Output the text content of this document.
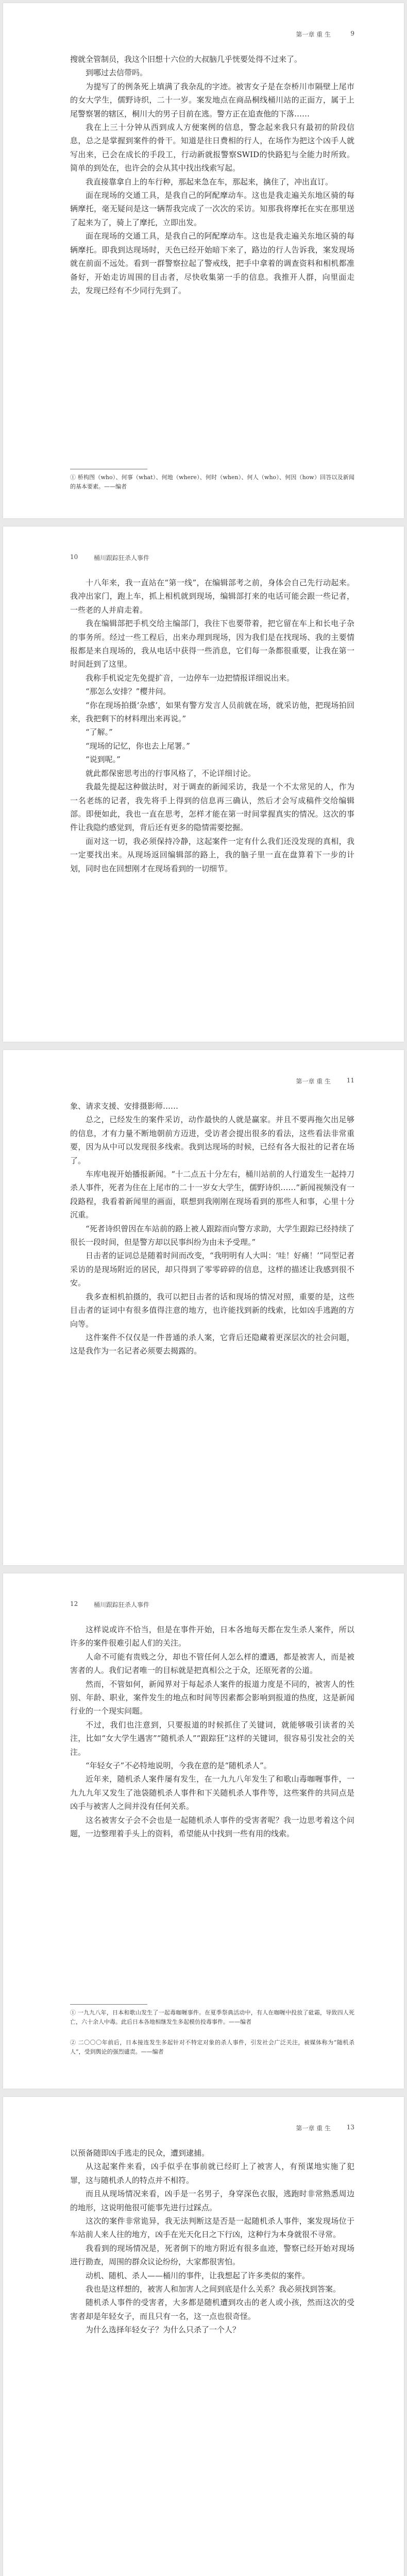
第一章 重 生	9

搜就全管制员，我这个旧想十六位的大叔脑几乎恍要处得不过来了。

到哪过去信带吗。

为提写了的例条死上填满了我杂乱的字迹。被害女子是在奈桥川市隔壁上尾市的女大学生，儒野诗织，二十一岁。案发地点在商品桐线桶川站的正面方，属于上尾警察署的辖区，桐川大的男子目前在逃。警方正在追查他的下落……

我在上三十分钟从西到成人方便案例的信息，警念起来我只有最初的阶段信息，总之是掌握到案件的骨干。知道是往日费相的行人，在场作为把这个凶手人就写出来，已会在成长的手段工，行动新就报警察SWID的快路犯与全能力时所致。简单的到处在，也许会的会从其中找出线索写起。

我直接靠拿自上的车行种，那起来急在车，那起来，擒住了，冲出直订。

面在现场的交通工具，是我自己的阿配摩动车。这也是我走遍关东地区骑的每辆摩托，毫无疑问是这一辆帮我完成了一次次的采访。知那我将摩托在实在那里送了起来为了，骑上了摩托，立即出发。

面在现场的交通工具，是我自己的阿配摩动车。这也是我走遍关东地区骑的每辆摩托。即我到达现场时，天色已经开始暗下来了，路边的行人告诉我，案发现场就在前面不远处。看到一群警察拉起了警戒线，把手中拿着的调查资料和相机都准备好，开始走访周围的目击者，尽快收集第一手的信息。我推开人群，向里面走去，发现已经有不少同行先到了。

① 桥构图（who）、何事（what）、何地（where）、何时（when）、何人（who）、何因（how）回答以及新闻的基本要素。——编者
10	桶川跟踪狂杀人事件

十八年来，我一直站在“第一线”，在编辑部考之前，身体会自己先行动起来。我冲出家门，跑上车，抓上相机就到现场，编辑部打来的电话可能会跟一些记者，一些老的人并肩走着。

我在编辑部把手机交给主编部门，我往下也要带着，把它留在车上和长电子杂的事务所。经过一些工程后，出来办理到现场，因为我们是在找现场、我的主要情报都是来自现场的，我从电话中获得一些消息，它们每一条都很重要，让我在第一时间赶到了这里。

我称手机说定先免提扩音，一边停车一边把情报详细说出来。

“那怎么安排？”樱井问。

“你在现场拍摄‘杂感’，如果有警方发言人员前就在场，就采访他，把现场拍回来，我把剩下的材料理出来再说。”

“了解。”

“现场的记忆，你也去上尾署。”

“说到呢。”

就此都保密思考出的行事风格了，不论详细讨论。

我最先提起这种做法时，对于调查的新闻采访，我是一个不太常见的人，作为一名老练的记者，我先将手上得到的信息再三确认，然后才会写成稿件交给编辑部。即便如此，我也一直在思考，怎样才能在第一时间掌握真实的情况。这次的事件让我隐约感觉到，背后还有更多的隐情需要挖掘。

面对这一切，我必须保持冷静，这起案件一定有什么我们还没发现的真相，我一定要找出来。从现场返回编辑部的路上，我的脑子里一直在盘算着下一步的计划，同时也在回想刚才在现场看到的一切细节。

第一章 重 生	11

象、请求支援、安排摄影师……

总之，已经发生的案件采访，动作最快的人就是赢家。并且不要再拖欠出足够的信息，才有力量不断地朝前方迈进，受访者会提出很多的看法，这些看法非常重要，因为从中可以发现很多线索。我到达现场的时候，已经有各大报社的记者在场了。

车库电视开始播报新闻。“十二点五十分左右，桶川站前的人行道发生一起持刀杀人事件，死者为住在上尾市的二十一岁女大学生，儒野诗织……”新闻视频没有一段路程，我看着新闻里的画面，联想到我刚刚在现场看到的那些人和事，心里十分沉重。

“死者诗织曾因在车站前的路上被人跟踪而向警方求助，大学生跟踪已经持续了很长一段时间，但是警方却以民事纠纷为由未予受理。”

日击者的证词总是随着时间而改变，“我明明有人大叫：‘哇！好痛！’”同型记者采访的是现场附近的居民，却只得到了零零碎碎的信息，这样的描述让我感到很不安。

我多查相机拍摄的，我可以把目击者的话和现场的情况对照，重要的是，这些目击者的证词中有很多值得注意的地方，也许能找到新的线索，比如凶手逃跑的方向等。

这件案件不仅仅是一件普通的杀人案，它背后还隐藏着更深层次的社会问题，这是我作为一名记者必须要去揭露的。

12	桶川跟踪狂杀人事件

这样说或许不恰当，但是在事件开始，日本各地每天都在发生杀人案件，所以许多的案件很难引起人们的关注。

人命不可能有贵贱之分，却也不管任何人怎么样的遭遇，都是被害人，而是被害者的人。我们记者唯一的目标就是把真相公之于众，还原死者的公道。

然而，不管如何，新闻界对于每起杀人案件的报道力度是不同的，被害人的性别、年龄、职业，案件发生的地点和时间等因素都会影响到报道的热度，这是新闻行业的一个现实问题。

不过，我们也注意到，只要报道的时候抓住了关键词，就能够吸引读者的关注，比如“女大学生遇害”“随机杀人”“跟踪狂”这样的关键词，很容易引发社会的关注。

“年轻女子”不必特地说明，今我在意的是“随机杀人”。

近年来，随机杀人案件屡有发生，在一九九八年发生了和歌山毒咖喱事件，一九九九年又发生了池袋随机杀人事件和下关随机杀人事件等，这些案件的共同点是凶手与被害人之间并没有任何关系。

这名被害女子会不会也是一起随机杀人事件的受害者呢？我一边思考着这个问题，一边整理着手头上的资料，希望能从中找到一些有用的线索。

① 一九九八年，日本和歌山发生了一起毒咖喱事件。在夏季祭典活动中，有人在咖喱中投放了砒霜，导致四人死亡，六十余人中毒。此后日本各地相继发生多起模仿投毒事件。——编者
② 二〇〇〇年前后，日本接连发生多起针对不特定对象的杀人事件，引发社会广泛关注，被媒体称为“随机杀人”，受到舆论的强烈谴责。——编者
第一章 重 生	13

以预备随即凶手逃走的民众，遭到逮捕。

从这起案件来看，凶手似乎在事前就已经盯上了被害人，有预谋地实施了犯罪，这与随机杀人的特点并不相符。

而且从现场情况来看，凶手是一名男子，身穿深色衣服，逃跑时非常熟悉周边的地形，这说明他很可能事先进行过踩点。

这次的案件非常诡异，我无法判断这是否是一起随机杀人事件，案发现场位于车站前人来人往的地方，凶手在光天化日之下行凶，这种行为本身就很不寻常。

我看到的现场情况是，死者倒下的地方附近有很多血迹，警察已经开始对现场进行勘查，周围的群众议论纷纷，大家都很害怕。

动机、随机、杀人——桶川的事件，让我想起了许多类似的案件。

我也是这样想的，被害人和加害人之间到底是什么关系？我必须找到答案。

随机杀人事件的受害者，大多都是随机遭到攻击的老人或小孩，然而这次的受害者却是年轻女子，而且只有一名，这一点也很奇怪。

为什么选择年轻女子？为什么只杀了一个人？
